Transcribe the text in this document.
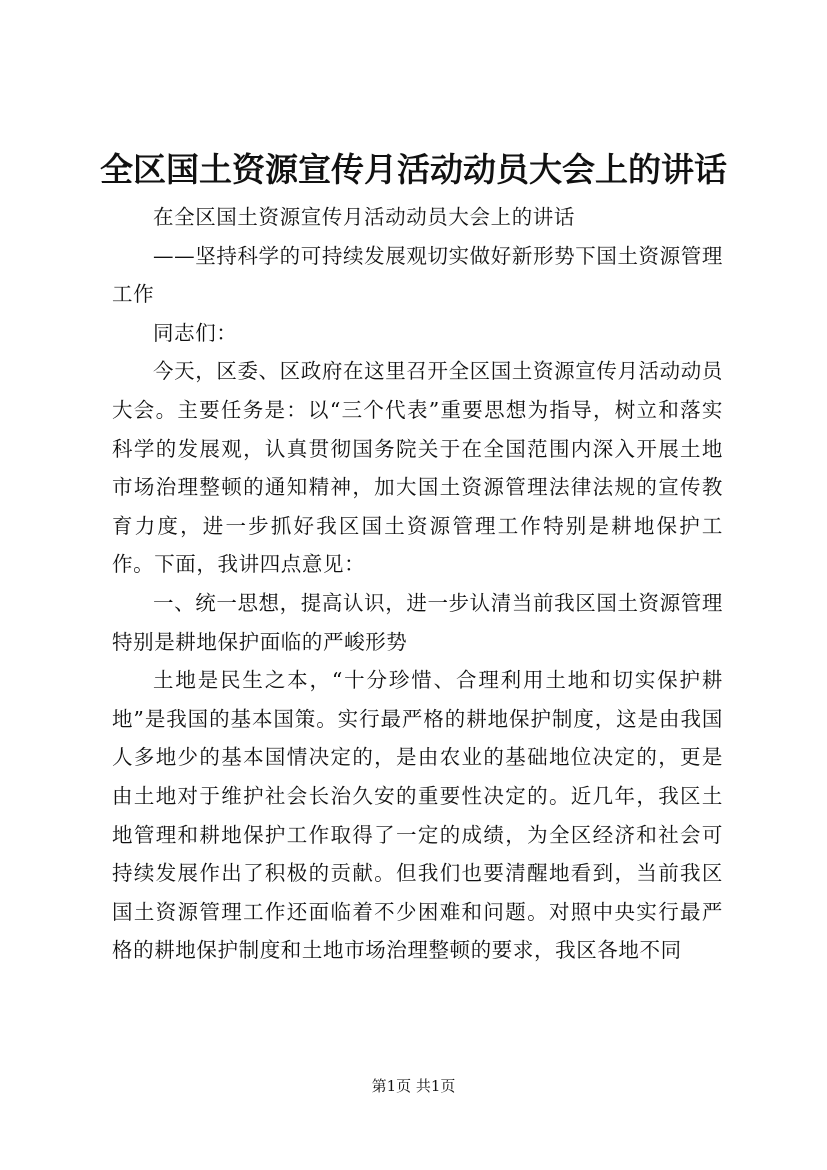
全区国土资源宣传月活动动员大会上的讲话

在全区国土资源宣传月活动动员大会上的讲话

——坚持科学的可持续发展观切实做好新形势下国土资源管理工作

同志们：

今天，区委、区政府在这里召开全区国土资源宣传月活动动员大会。主要任务是：以“三个代表”重要思想为指导，树立和落实科学的发展观，认真贯彻国务院关于在全国范围内深入开展土地市场治理整顿的通知精神，加大国土资源管理法律法规的宣传教育力度，进一步抓好我区国土资源管理工作特别是耕地保护工作。下面，我讲四点意见：

一、统一思想，提高认识，进一步认清当前我区国土资源管理特别是耕地保护面临的严峻形势

土地是民生之本，“十分珍惜、合理利用土地和切实保护耕地”是我国的基本国策。实行最严格的耕地保护制度，这是由我国人多地少的基本国情决定的，是由农业的基础地位决定的，更是由土地对于维护社会长治久安的重要性决定的。近几年，我区土地管理和耕地保护工作取得了一定的成绩，为全区经济和社会可持续发展作出了积极的贡献。但我们也要清醒地看到，当前我区国土资源管理工作还面临着不少困难和问题。对照中央实行最严格的耕地保护制度和土地市场治理整顿的要求，我区各地不同

第1页 共1页
